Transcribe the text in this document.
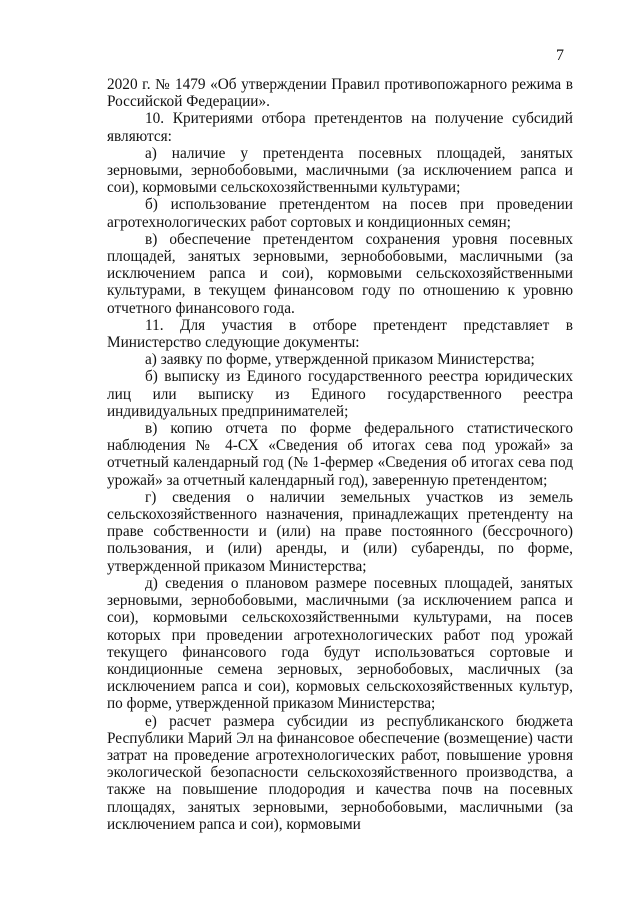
7

2020 г. № 1479 «Об утверждении Правил противопожарного режима в Российской Федерации».

10. Критериями отбора претендентов на получение субсидий являются:

а) наличие у претендента посевных площадей, занятых зерновыми, зернобобовыми, масличными (за исключением рапса и сои), кормовыми сельскохозяйственными культурами;

б) использование претендентом на посев при проведении агротехнологических работ сортовых и кондиционных семян;

в) обеспечение претендентом сохранения уровня посевных площадей, занятых зерновыми, зернобобовыми, масличными (за исключением рапса и сои), кормовыми сельскохозяйственными культурами, в текущем финансовом году по отношению к уровню отчетного финансового года.

11. Для участия в отборе претендент представляет в Министерство следующие документы:

а) заявку по форме, утвержденной приказом Министерства;

б) выписку из Единого государственного реестра юридических лиц или выписку из Единого государственного реестра индивидуальных предпринимателей;

в) копию отчета по форме федерального статистического наблюдения № 4-СХ «Сведения об итогах сева под урожай» за отчетный календарный год (№ 1-фермер «Сведения об итогах сева под урожай» за отчетный календарный год), заверенную претендентом;

г) сведения о наличии земельных участков из земель сельскохозяйственного назначения, принадлежащих претенденту на праве собственности и (или) на праве постоянного (бессрочного) пользования, и (или) аренды, и (или) субаренды, по форме, утвержденной приказом Министерства;

д) сведения о плановом размере посевных площадей, занятых зерновыми, зернобобовыми, масличными (за исключением рапса и сои), кормовыми сельскохозяйственными культурами, на посев которых при проведении агротехнологических работ под урожай текущего финансового года будут использоваться сортовые и кондиционные семена зерновых, зернобобовых, масличных (за исключением рапса и сои), кормовых сельскохозяйственных культур, по форме, утвержденной приказом Министерства;

е) расчет размера субсидии из республиканского бюджета Республики Марий Эл на финансовое обеспечение (возмещение) части затрат на проведение агротехнологических работ, повышение уровня экологической безопасности сельскохозяйственного производства, а также на повышение плодородия и качества почв на посевных площадях, занятых зерновыми, зернобобовыми, масличными (за исключением рапса и сои), кормовыми
